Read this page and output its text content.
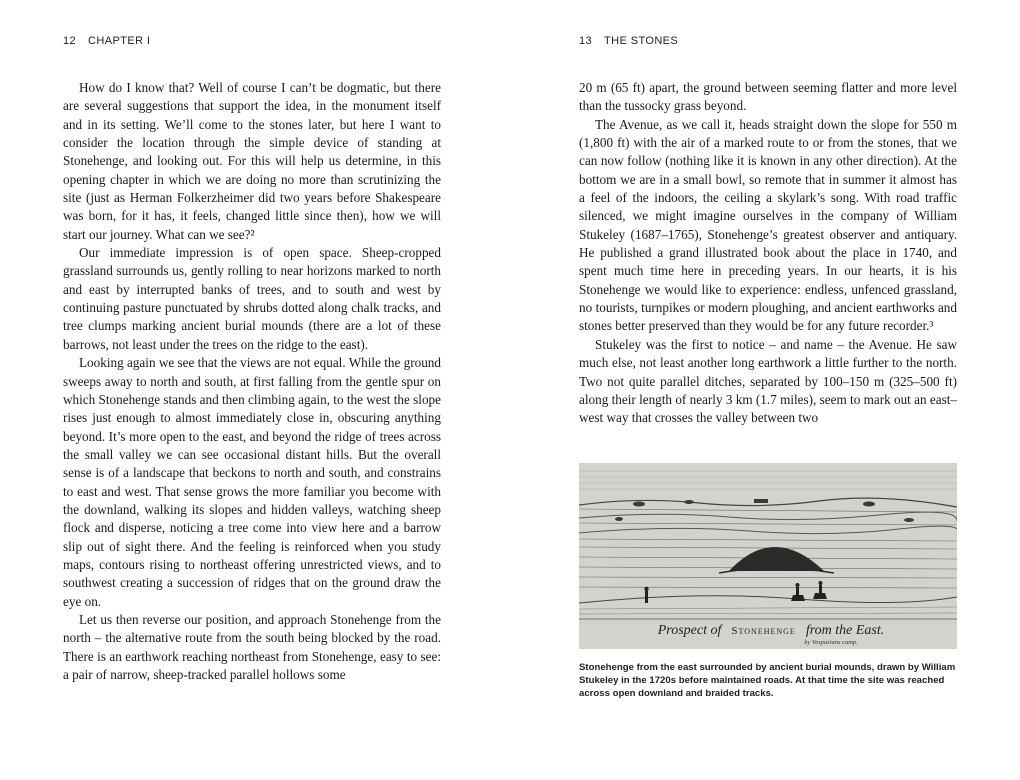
12 CHAPTER I

How do I know that? Well of course I can’t be dogmatic, but there are several suggestions that support the idea, in the monument itself and in its setting. We’ll come to the stones later, but here I want to consider the location through the simple device of standing at Stonehenge, and looking out. For this will help us determine, in this opening chapter in which we are doing no more than scrutinizing the site (just as Herman Folkerzheimer did two years before Shakespeare was born, for it has, it feels, changed little since then), how we will start our journey. What can we see?²

Our immediate impression is of open space. Sheep-cropped grassland surrounds us, gently rolling to near horizons marked to north and east by interrupted banks of trees, and to south and west by continuing pasture punctuated by shrubs dotted along chalk tracks, and tree clumps marking ancient burial mounds (there are a lot of these barrows, not least under the trees on the ridge to the east).

Looking again we see that the views are not equal. While the ground sweeps away to north and south, at first falling from the gentle spur on which Stonehenge stands and then climbing again, to the west the slope rises just enough to almost immediately close in, obscuring anything beyond. It’s more open to the east, and beyond the ridge of trees across the small valley we can see occasional distant hills. But the overall sense is of a landscape that beckons to north and south, and constrains to east and west. That sense grows the more familiar you become with the downland, walking its slopes and hidden valleys, watching sheep flock and disperse, noticing a tree come into view here and a barrow slip out of sight there. And the feeling is reinforced when you study maps, contours rising to northeast offering unrestricted views, and to southwest creating a succession of ridges that on the ground draw the eye on.

Let us then reverse our position, and approach Stonehenge from the north – the alternative route from the south being blocked by the road. There is an earthwork reaching northeast from Stonehenge, easy to see: a pair of narrow, sheep-tracked parallel hollows some

13 THE STONES

20 m (65 ft) apart, the ground between seeming flatter and more level than the tussocky grass beyond.

The Avenue, as we call it, heads straight down the slope for 550 m (1,800 ft) with the air of a marked route to or from the stones, that we can now follow (nothing like it is known in any other direction). At the bottom we are in a small bowl, so remote that in summer it almost has a feel of the indoors, the ceiling a skylark’s song. With road traffic silenced, we might imagine ourselves in the company of William Stukeley (1687–1765), Stonehenge’s greatest observer and antiquary. He published a grand illustrated book about the place in 1740, and spent much time here in preceding years. In our hearts, it is his Stonehenge we would like to experience: endless, unfenced grassland, no tourists, turnpikes or modern ploughing, and ancient earthworks and stones better preserved than they would be for any future recorder.³

Stukeley was the first to notice – and name – the Avenue. He saw much else, not least another long earthwork a little further to the north. Two not quite parallel ditches, separated by 100–150 m (325–500 ft) along their length of nearly 3 km (1.7 miles), seem to mark out an east–west way that crosses the valley between two

Prospect of Stonehenge from the East.
by Vespasians camp.
Stonehenge from the east surrounded by ancient burial mounds, drawn by William Stukeley in the 1720s before maintained roads. At that time the site was reached across open downland and braided tracks.
